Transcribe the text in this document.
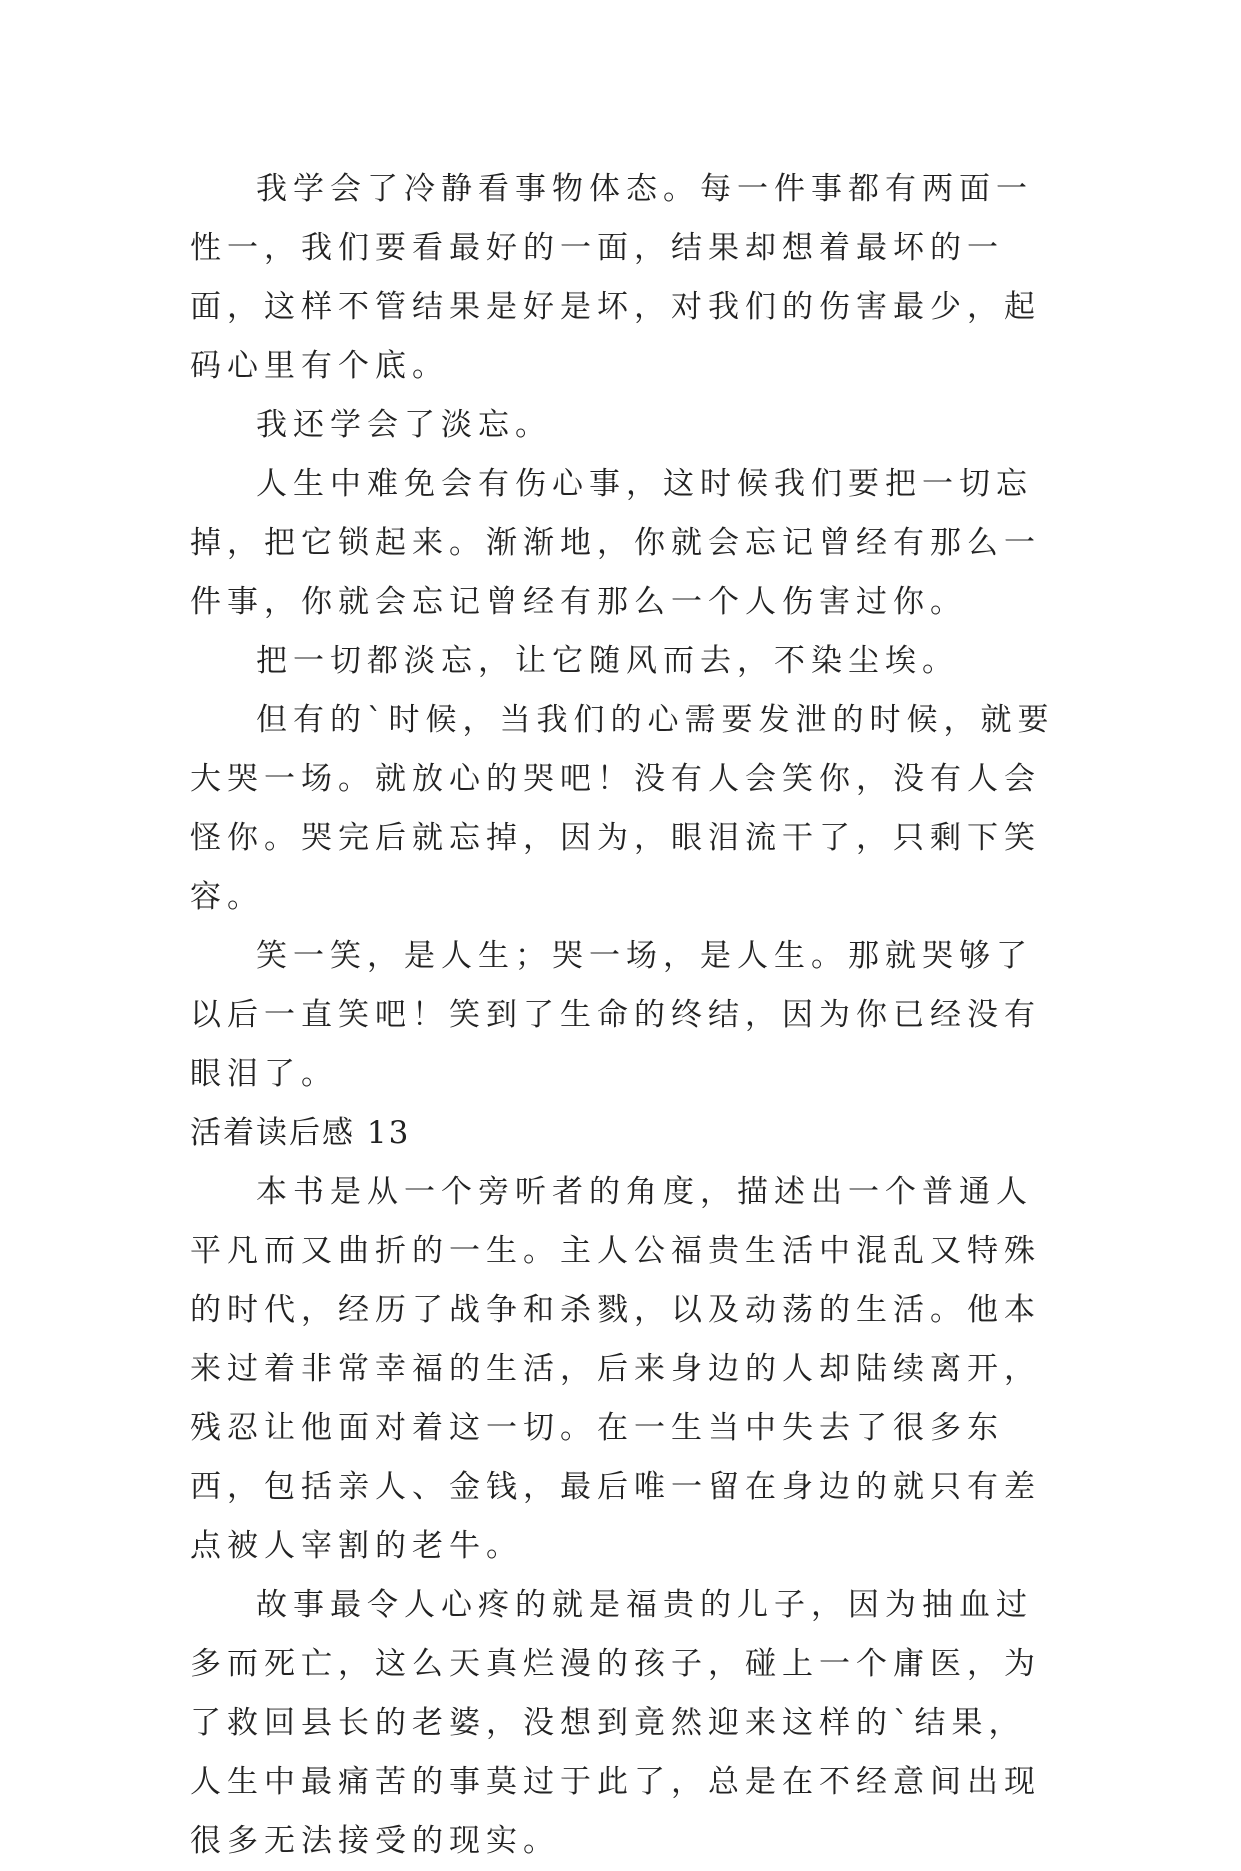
我学会了冷静看事物体态。每一件事都有两面一性一，我们要看最好的一面，结果却想着最坏的一面，这样不管结果是好是坏，对我们的伤害最少，起码心里有个底。

我还学会了淡忘。

人生中难免会有伤心事，这时候我们要把一切忘掉，把它锁起来。渐渐地，你就会忘记曾经有那么一件事，你就会忘记曾经有那么一个人伤害过你。

把一切都淡忘，让它随风而去，不染尘埃。

但有的`时候，当我们的心需要发泄的时候，就要大哭一场。就放心的哭吧！没有人会笑你，没有人会怪你。哭完后就忘掉，因为，眼泪流干了，只剩下笑容。

笑一笑，是人生；哭一场，是人生。那就哭够了以后一直笑吧！笑到了生命的终结，因为你已经没有眼泪了。

活着读后感 13

本书是从一个旁听者的角度，描述出一个普通人平凡而又曲折的一生。主人公福贵生活中混乱又特殊的时代，经历了战争和杀戮，以及动荡的生活。他本来过着非常幸福的生活，后来身边的人却陆续离开，残忍让他面对着这一切。在一生当中失去了很多东西，包括亲人、金钱，最后唯一留在身边的就只有差点被人宰割的老牛。

故事最令人心疼的就是福贵的儿子，因为抽血过多而死亡，这么天真烂漫的孩子，碰上一个庸医，为了救回县长的老婆，没想到竟然迎来这样的`结果，人生中最痛苦的事莫过于此了，总是在不经意间出现很多无法接受的现实。
